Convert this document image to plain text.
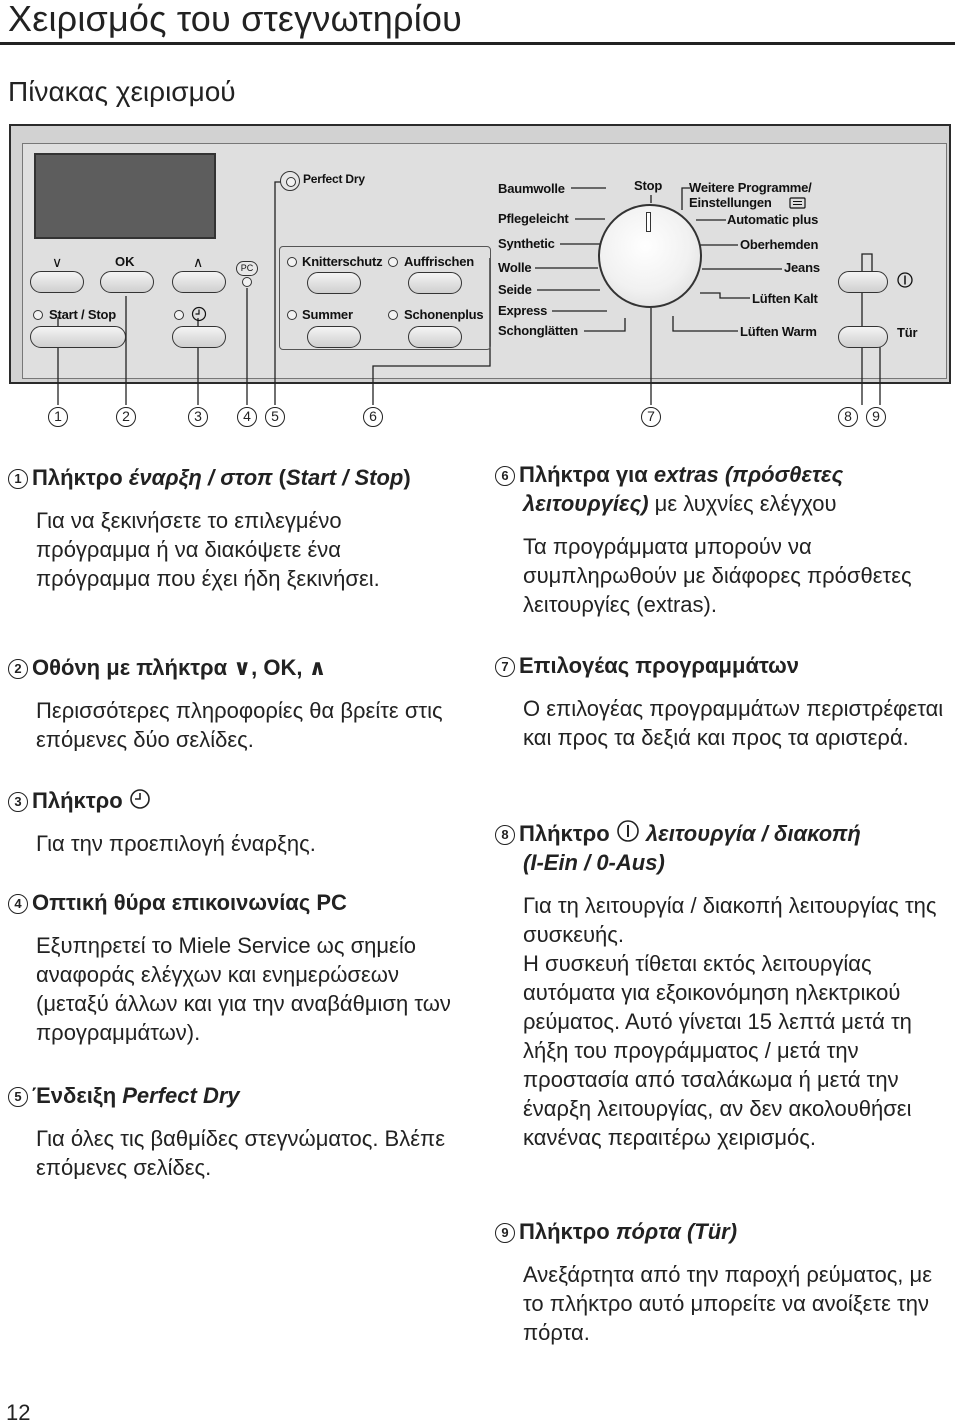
Χειρισμός του στεγνωτηρίου
Πίνακας χειρισμού
∨	OK	∧
Start / Stop
PC
Perfect Dry
Knitterschutz Auffrischen
Summer	Schonenplus
Baumwolle
Pflegeleicht
Synthetic
Wolle
Seide
Express
Schonglätten
Stop Weitere Programme/
Einstellungen
Automatic plus
Oberhemden
Jeans
Lüften Kalt
Lüften Warm	Tür
1	2	3	4	5	6	7	8	9
1 Πλήκτρο έναρξη / στοπ (Start / Stop)

Για να ξεκινήσετε το επιλεγμένο πρόγραμμα ή να διακόψετε ένα πρόγραμμα που έχει ήδη ξεκινήσει.

2 Οθόνη με πλήκτρα ∨, OK, ∧

Περισσότερες πληροφορίες θα βρείτε στις επόμενες δύο σελίδες.

3 Πλήκτρο

Για την προεπιλογή έναρξης.

4 Οπτική θύρα επικοινωνίας PC

Εξυπηρετεί το Miele Service ως σημείο αναφοράς ελέγχων και ενημερώσεων (μεταξύ άλλων και για την αναβάθμιση των προγραμμάτων).

5 Ένδειξη Perfect Dry

Για όλες τις βαθμίδες στεγνώματος. Βλέπε επόμενες σελίδες.

6 Πλήκτρα για extras (πρόσθετες λειτουργίες) με λυχνίες ελέγχου

Τα προγράμματα μπορούν να συμπληρωθούν με διάφορες πρόσθετες λειτουργίες (extras).

7 Επιλογέας προγραμμάτων

Ο επιλογέας προγραμμάτων περιστρέφεται και προς τα δεξιά και προς τα αριστερά.

8 Πλήκτρο  λειτουργία / διακοπή
(I-Ein / 0-Aus)

Για τη λειτουργία / διακοπή λειτουργίας της συσκευής.

Η συσκευή τίθεται εκτός λειτουργίας αυτόματα για εξοικονόμηση ηλεκτρικού ρεύματος. Αυτό γίνεται 15 λεπτά μετά τη λήξη του προγράμματος / μετά την προστασία από τσαλάκωμα ή μετά την έναρξη λειτουργίας, αν δεν ακολουθήσει κανένας περαιτέρω χειρισμός.

9 Πλήκτρο πόρτα (Tür)

Ανεξάρτητα από την παροχή ρεύματος, με το πλήκτρο αυτό μπορείτε να ανοίξετε την πόρτα.

12
